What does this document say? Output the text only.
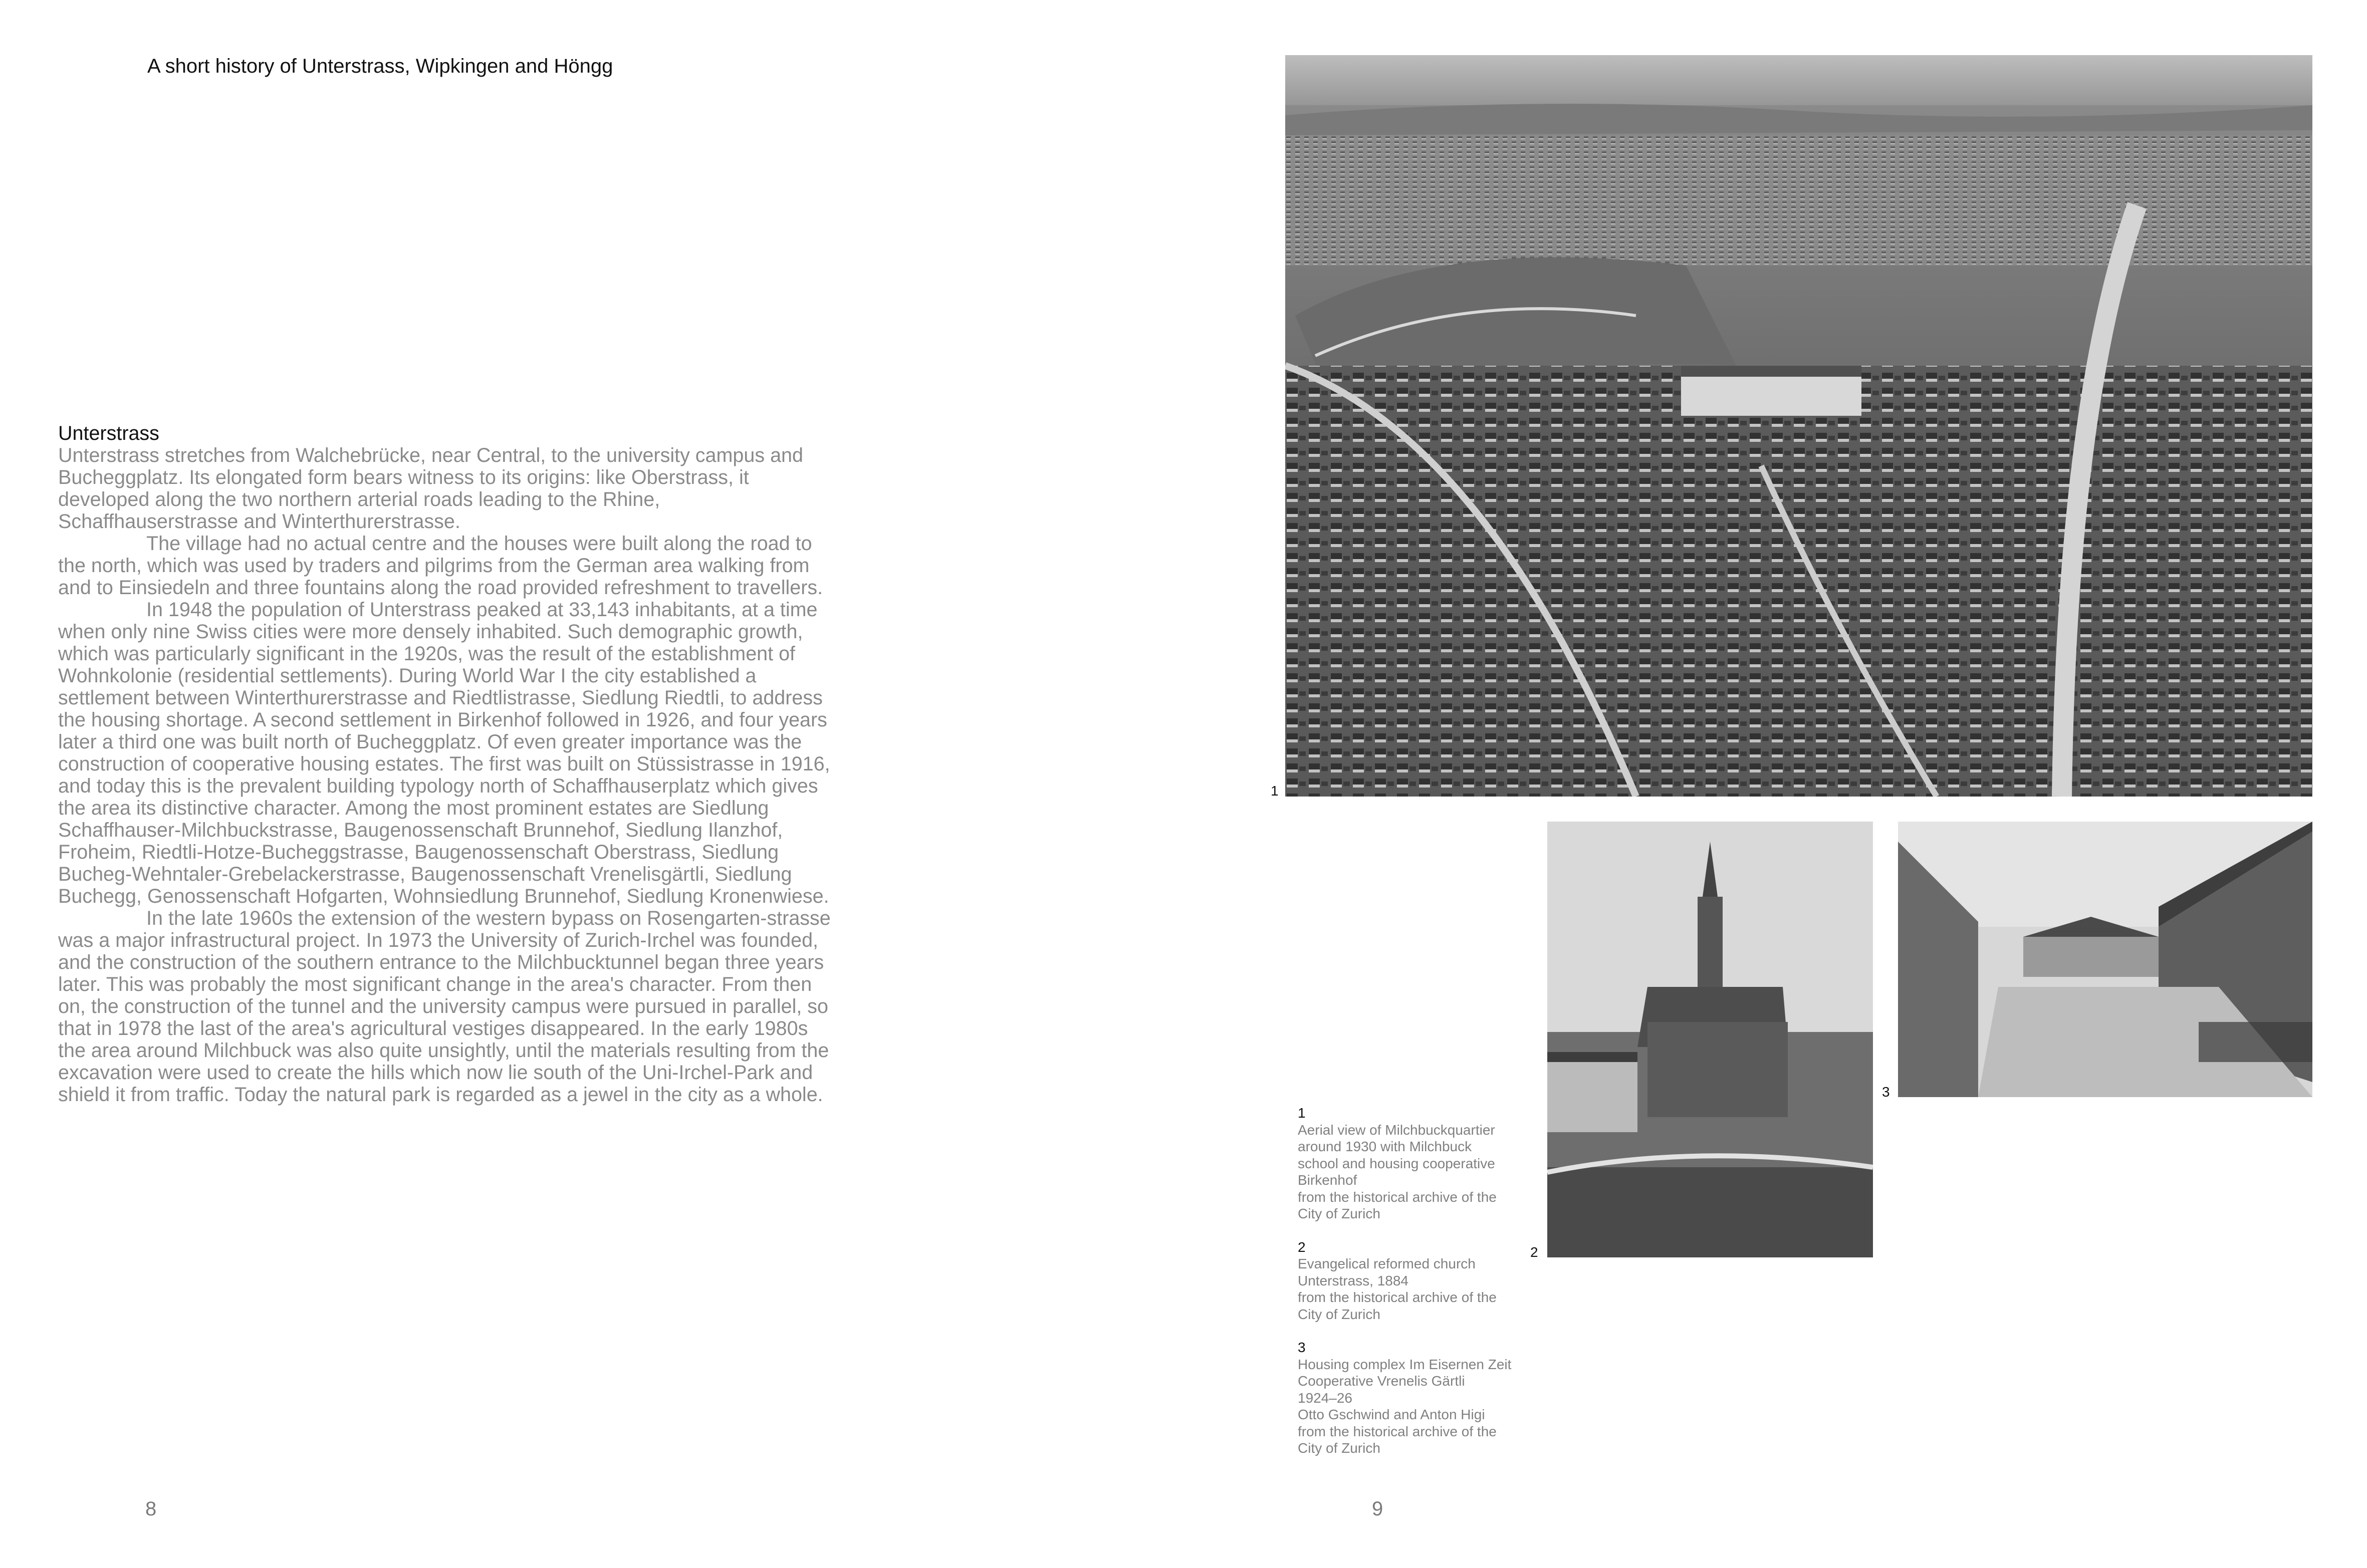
A short history of Unterstrass, Wipkingen and Höngg
Unterstrass

Unterstrass stretches from Walchebrücke, near Central, to the university campus and Bucheggplatz. Its elongated form bears witness to its origins: like Oberstrass, it developed along the two northern arterial roads leading to the Rhine, Schaffhauserstrasse and Winterthurerstrasse.

The village had no actual centre and the houses were built along the road to the north, which was used by traders and pilgrims from the German area walking from and to Einsiedeln and three fountains along the road provided refreshment to travellers.

In 1948 the population of Unterstrass peaked at 33,143 inhabitants, at a time when only nine Swiss cities were more densely inhabited. Such demographic growth, which was particularly significant in the 1920s, was the result of the establishment of Wohnkolonie (residential settlements). During World War I the city established a settlement between Winterthurerstrasse and Riedtlistrasse, Siedlung Riedtli, to address the housing shortage. A second settlement in Birkenhof followed in 1926, and four years later a third one was built north of Bucheggplatz. Of even greater importance was the construction of cooperative housing estates. The first was built on Stüssistrasse in 1916, and today this is the prevalent building typology north of Schaffhauserplatz which gives the area its distinctive character. Among the most prominent estates are Siedlung Schaffhauser-Milchbuckstrasse, Baugenossenschaft Brunnehof, Siedlung Ilanzhof, Froheim, Riedtli-Hotze-Bucheggstrasse, Baugenossenschaft Oberstrass, Siedlung Bucheg-Wehntaler-Grebelackerstrasse, Baugenossenschaft Vrenelisgärtli, Siedlung Buchegg, Genossenschaft Hofgarten, Wohnsiedlung Brunnehof, Siedlung Kronenwiese.

In the late 1960s the extension of the western bypass on Rosengarten-strasse was a major infrastructural project. In 1973 the University of Zurich-Irchel was founded, and the construction of the southern entrance to the Milchbucktunnel began three years later. This was probably the most significant change in the area's character. From then on, the construction of the tunnel and the university campus were pursued in parallel, so that in 1978 the last of the area's agricultural vestiges disappeared. In the early 1980s the area around Milchbuck was also quite unsightly, until the materials resulting from the excavation were used to create the hills which now lie south of the Uni-Irchel-Park and shield it from traffic. Today the natural park is regarded as a jewel in the city as a whole.

8
1
2
3
1
Aerial view of Milchbuckquartier
around 1930 with Milchbuck
school and housing cooperative
Birkenhof
from the historical archive of the
City of Zurich
2
Evangelical reformed church
Unterstrass, 1884
from the historical archive of the
City of Zurich
3
Housing complex Im Eisernen Zeit
Cooperative Vrenelis Gärtli
1924–26
Otto Gschwind and Anton Higi
from the historical archive of the
City of Zurich
9
